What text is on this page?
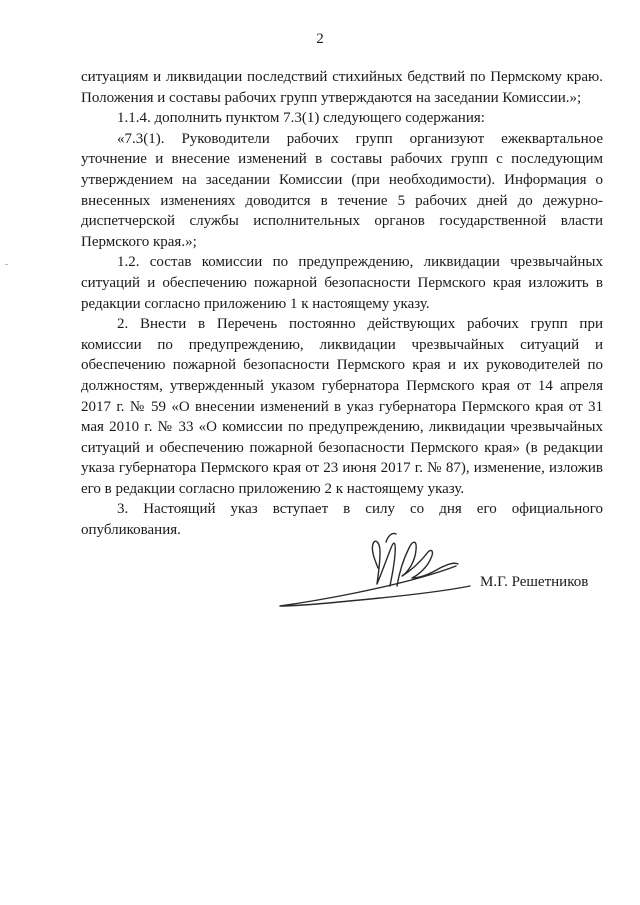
2

ситуациям и ликвидации последствий стихийных бедствий по Пермскому краю. Положения и составы рабочих групп утверждаются на заседании Комиссии.»;

1.1.4. дополнить пунктом 7.3(1) следующего содержания:

«7.3(1). Руководители рабочих групп организуют ежеквартальное уточнение и внесение изменений в составы рабочих групп с последующим утверждением на заседании Комиссии (при необходимости). Информация о внесенных изменениях доводится в течение 5 рабочих дней до дежурно-диспетчерской службы исполнительных органов государственной власти Пермского края.»;

1.2. состав комиссии по предупреждению, ликвидации чрезвычайных ситуаций и обеспечению пожарной безопасности Пермского края изложить в редакции согласно приложению 1 к настоящему указу.

2. Внести в Перечень постоянно действующих рабочих групп при комиссии по предупреждению, ликвидации чрезвычайных ситуаций и обеспечению пожарной безопасности Пермского края и их руководителей по должностям, утвержденный указом губернатора Пермского края от 14 апреля 2017 г. № 59 «О внесении изменений в указ губернатора Пермского края от 31 мая 2010 г. № 33 «О комиссии по предупреждению, ликвидации чрезвычайных ситуаций и обеспечению пожарной безопасности Пермского края» (в редакции указа губернатора Пермского края от 23 июня 2017 г. № 87), изменение, изложив его в редакции согласно приложению 2 к настоящему указу.

3. Настоящий указ вступает в силу со дня его официального опубликования.

М.Г. Решетников
